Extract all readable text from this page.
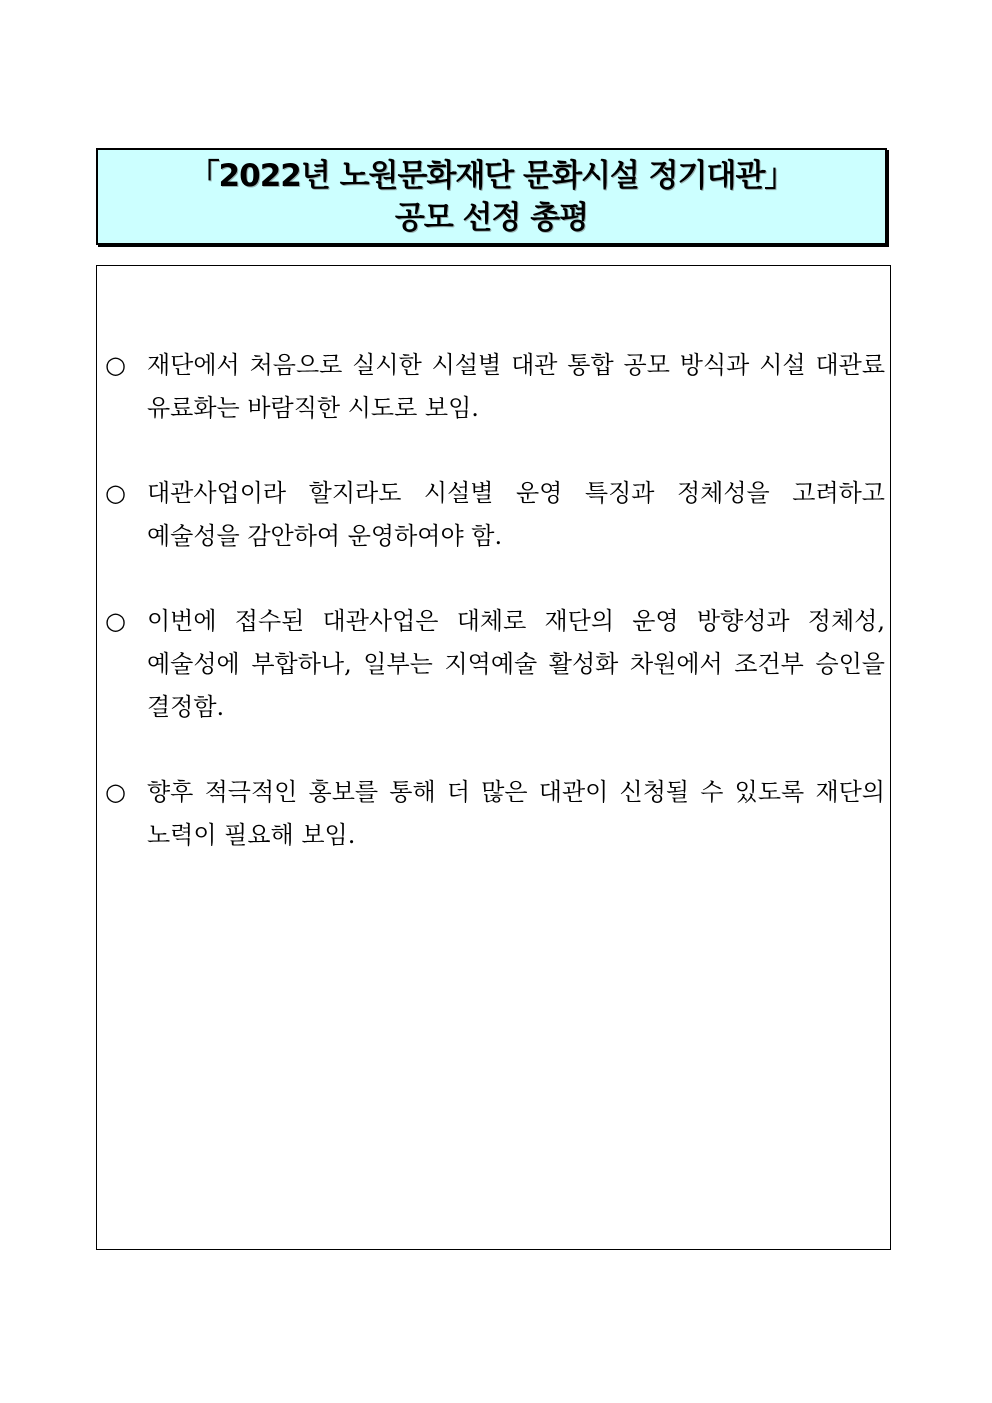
「2022년 노원문화재단 문화시설 정기대관」
공모 선정 총평
○ 재단에서 처음으로 실시한 시설별 대관 통합 공모 방식과 시설 대관료 유료화는 바람직한 시도로 보임.
○ 대관사업이라 할지라도 시설별 운영 특징과 정체성을 고려하고 예술성을 감안하여 운영하여야 함.
○ 이번에 접수된 대관사업은 대체로 재단의 운영 방향성과 정체성, 예술성에 부합하나, 일부는 지역예술 활성화 차원에서 조건부 승인을 결정함.
○ 향후 적극적인 홍보를 통해 더 많은 대관이 신청될 수 있도록 재단의 노력이 필요해 보임.
